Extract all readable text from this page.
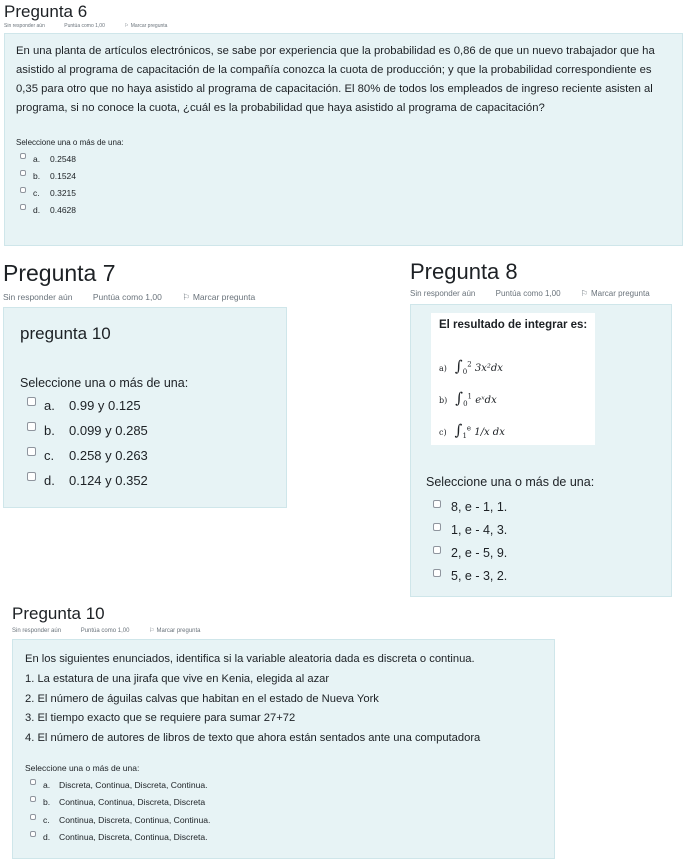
Pregunta 6
Sin responder aún	Puntúa como 1,00	⚐ Marcar pregunta
En una planta de artículos electrónicos, se sabe por experiencia que la probabilidad es 0,86 de que un nuevo trabajador que ha asistido al programa de capacitación de la compañía conozca la cuota de producción; y que la probabilidad correspondiente es 0,35 para otro que no haya asistido al programa de capacitación. El 80% de todos los empleados de ingreso reciente asisten al programa, si no conoce la cuota, ¿cuál es la probabilidad que haya asistido al programa de capacitación?
Seleccione una o más de una:
a.	0.2548
b.	0.1524
c.	0.3215
d.	0.4628
Pregunta 7
Sin responder aún Puntúa como 1,00 ⚐ Marcar pregunta
pregunta 10
Seleccione una o más de una:
a.	0.99 y 0.125
b.	0.099 y 0.285
c.	0.258 y 0.263
d.	0.124 y 0.352
Pregunta 8
Sin responder aún	Puntúa como 1,00	⚐ Marcar pregunta
El resultado de integrar es:
a) $\int_0^2$ 3x²dx
b) $\int_0^1$ eˣdx
c) $\int_1^e$ 1/x dx
Seleccione una o más de una:
8, e - 1, 1.
1, e - 4, 3.
2, e - 5, 9.
5, e - 3, 2.
Pregunta 10
Sin responder aún	Puntúa como 1,00	⚐ Marcar pregunta
En los siguientes enunciados, identifica si la variable aleatoria dada es discreta o continua.
1. La estatura de una jirafa que vive en Kenia, elegida al azar
2. El número de águilas calvas que habitan en el estado de Nueva York
3. El tiempo exacto que se requiere para sumar 27+72
4. El número de autores de libros de texto que ahora están sentados ante una computadora
Seleccione una o más de una:
a.	Discreta, Continua, Discreta, Continua.
b.	Continua, Continua, Discreta, Discreta
c.	Continua, Discreta, Continua, Continua.
d.	Continua, Discreta, Continua, Discreta.
